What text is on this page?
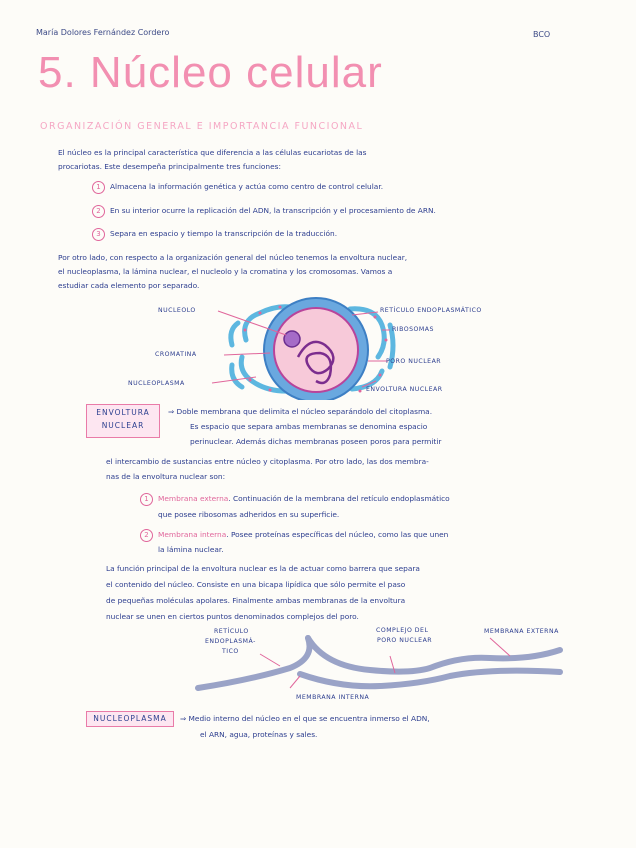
María Dolores Fernández Cordero	BCO
5. Núcleo celular
ORGANIZACIÓN GENERAL E IMPORTANCIA FUNCIONAL
El núcleo es la principal característica que diferencia a las células eucariotas de las
procariotas. Este desempeña principalmente tres funciones:
1 Almacena la información genética y actúa como centro de control celular.
2 En su interior ocurre la replicación del ADN, la transcripción y el procesamiento de ARN.
3 Separa en espacio y tiempo la transcripción de la traducción.
Por otro lado, con respecto a la organización general del núcleo tenemos la envoltura nuclear,
el nucleoplasma, la lámina nuclear, el nucleolo y la cromatina y los cromosomas. Vamos a
estudiar cada elemento por separado.
NUCLEOLO
CROMATINA
NUCLEOPLASMA
RETÍCULO ENDOPLASMÁTICO
RIBOSOMAS
PORO NUCLEAR
ENVOLTURA NUCLEAR
ENVOLTURA
NUCLEAR
⇒ Doble membrana que delimita el núcleo separándolo del citoplasma.
Es espacio que separa ambas membranas se denomina espacio
perinuclear. Además dichas membranas poseen poros para permitir
el intercambio de sustancias entre núcleo y citoplasma. Por otro lado, las dos membra-
nas de la envoltura nuclear son:
1 Membrana externa. Continuación de la membrana del retículo endoplasmático
que posee ribosomas adheridos en su superficie.
2 Membrana interna. Posee proteínas específicas del núcleo, como las que unen
la lámina nuclear.
La función principal de la envoltura nuclear es la de actuar como barrera que separa
el contenido del núcleo. Consiste en una bicapa lipídica que sólo permite el paso
de pequeñas moléculas apolares. Finalmente ambas membranas de la envoltura
nuclear se unen en ciertos puntos denominados complejos del poro.
RETÍCULO
ENDOPLASMÁ-
TICO
COMPLEJO DEL
PORO NUCLEAR
MEMBRANA EXTERNA
MEMBRANA INTERNA
NUCLEOPLASMA	⇒ Medio interno del núcleo en el que se encuentra inmerso el ADN,
el ARN, agua, proteínas y sales.
